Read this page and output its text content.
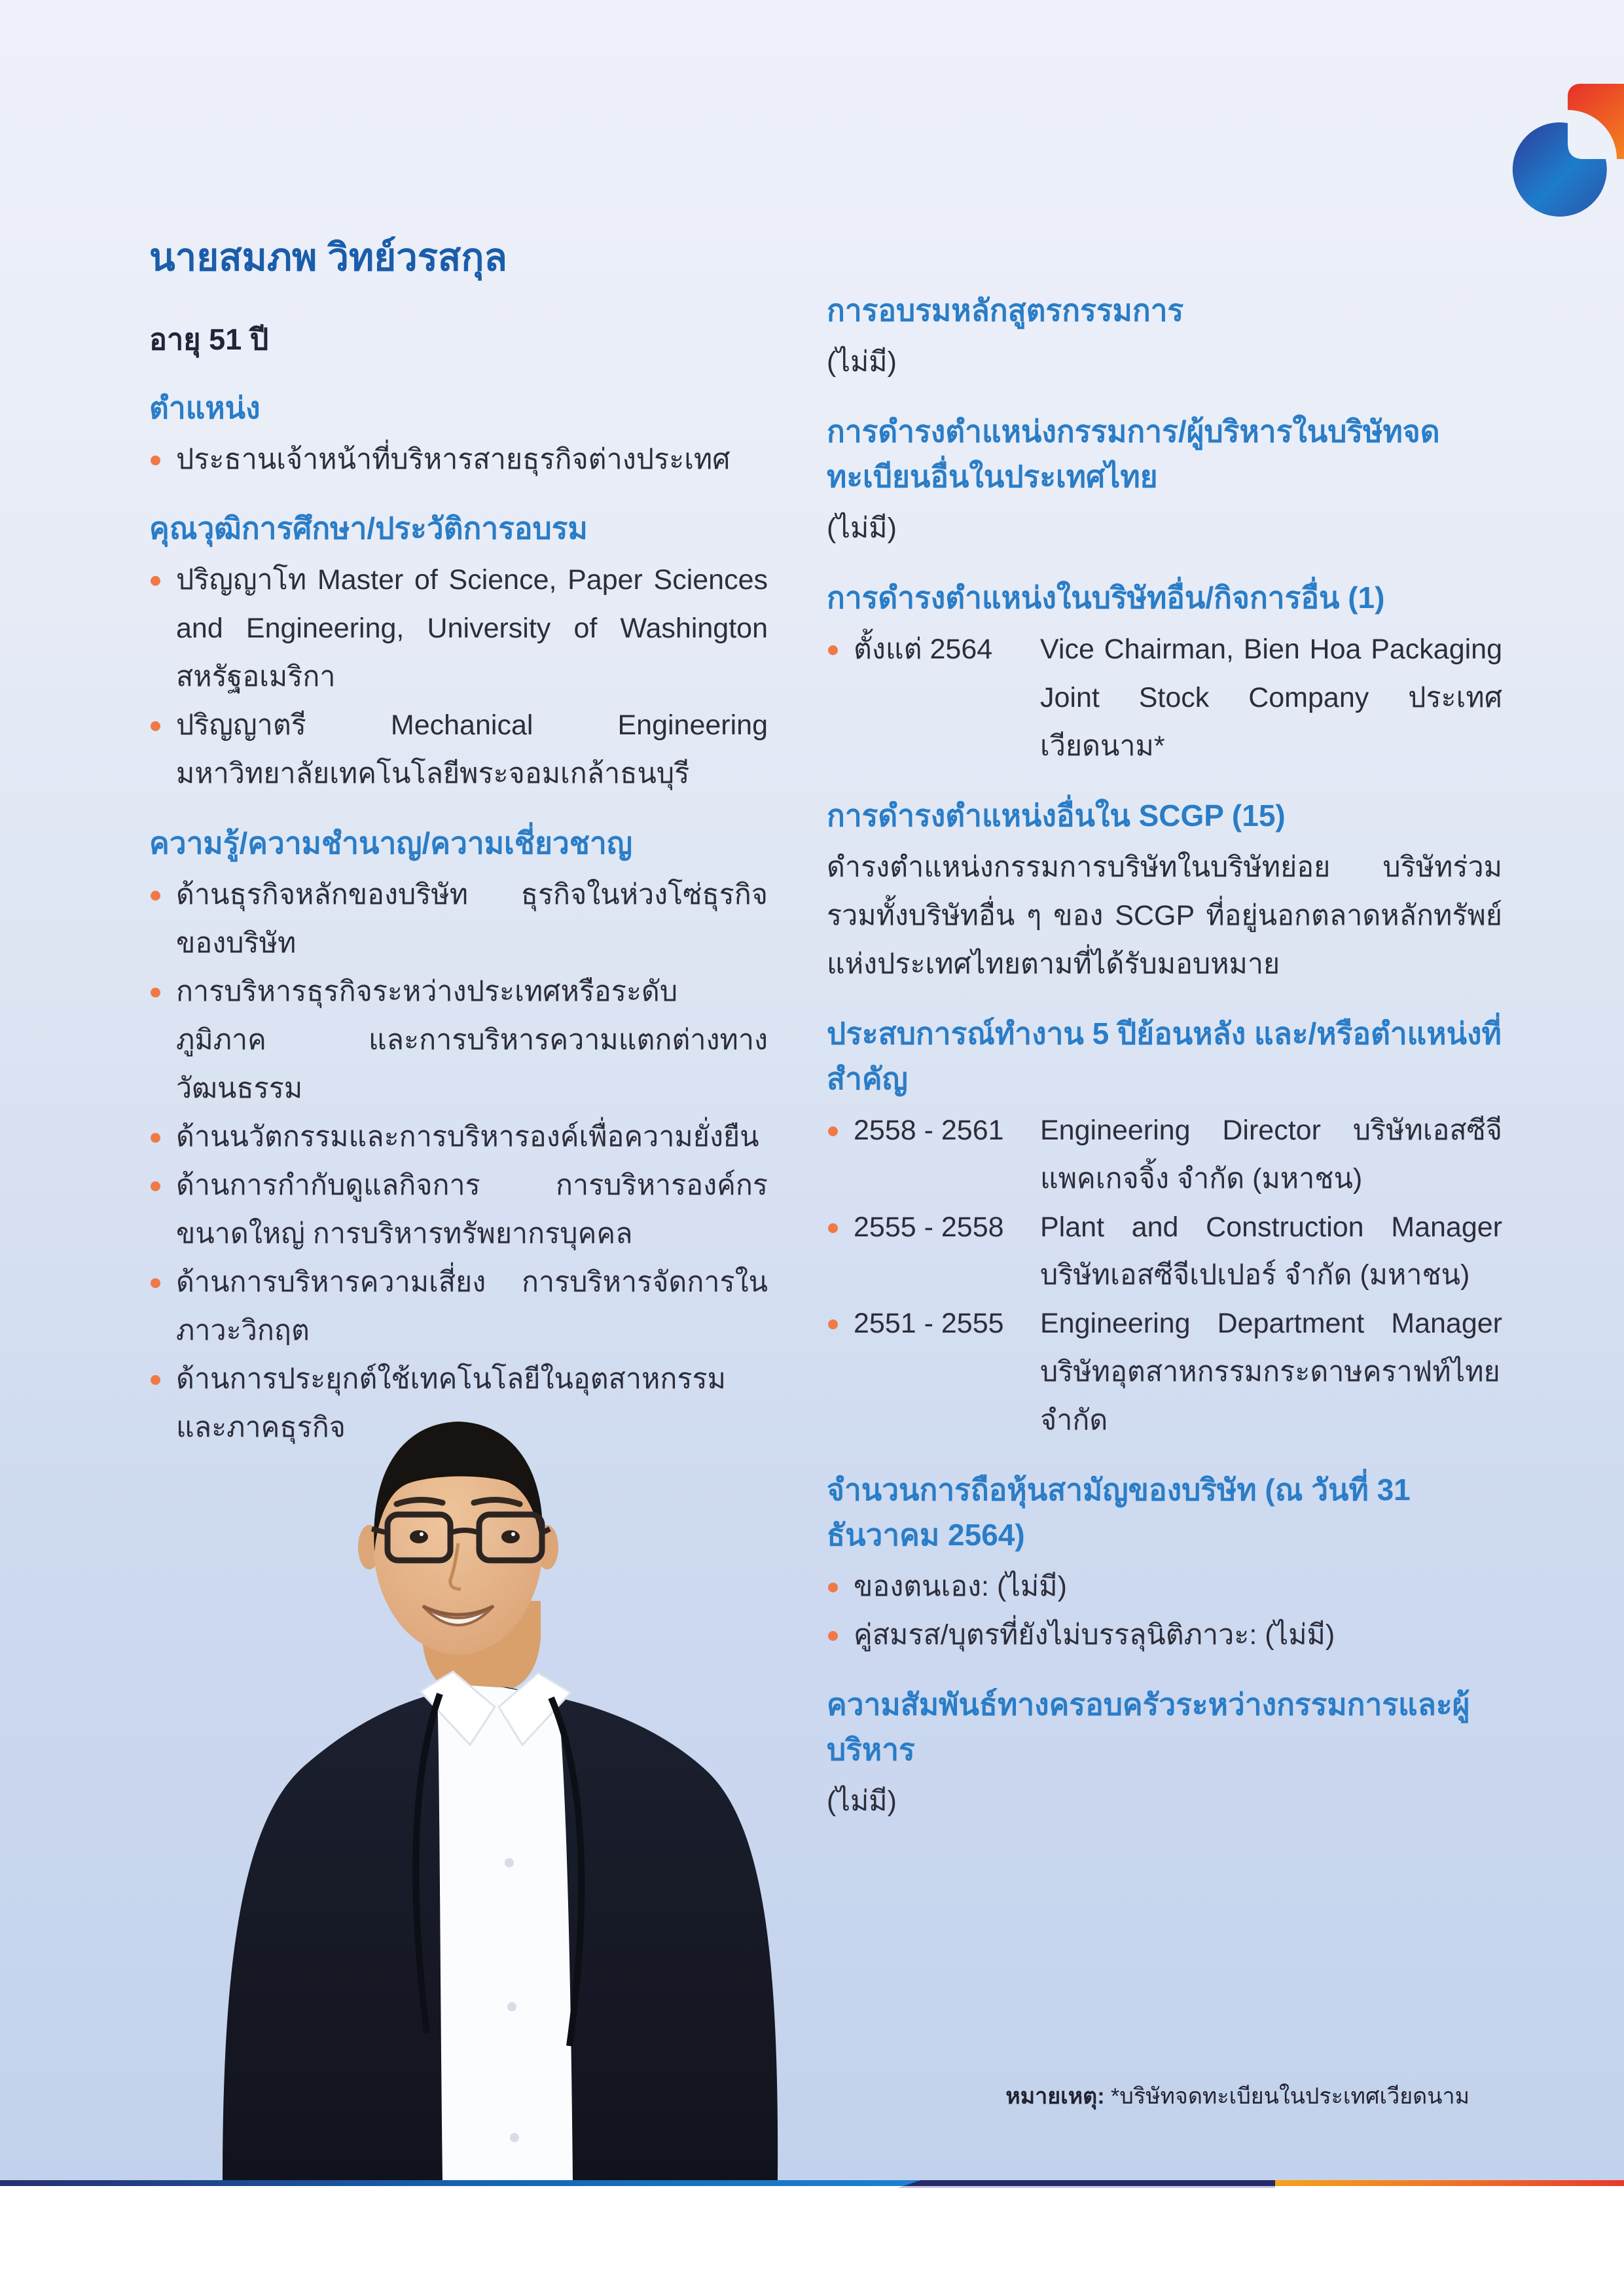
นายสมภพ วิทย์วรสกุล
อายุ 51 ปี
ตำแหน่ง
ประธานเจ้าหน้าที่บริหารสายธุรกิจต่างประเทศ
คุณวุฒิการศึกษา/ประวัติการอบรม
ปริญญาโท Master of Science, Paper Sciences and Engineering, University of Washington สหรัฐอเมริกา
ปริญญาตรี Mechanical Engineering มหาวิทยาลัยเทคโนโลยีพระจอมเกล้าธนบุรี
ความรู้/ความชำนาญ/ความเชี่ยวชาญ
ด้านธุรกิจหลักของบริษัท ธุรกิจในห่วงโซ่ธุรกิจของบริษัท
การบริหารธุรกิจระหว่างประเทศหรือระดับภูมิภาค และการบริหารความแตกต่างทางวัฒนธรรม
ด้านนวัตกรรมและการบริหารองค์เพื่อความยั่งยืน
ด้านการกำกับดูแลกิจการ การบริหารองค์กรขนาดใหญ่ การบริหารทรัพยากรบุคคล
ด้านการบริหารความเสี่ยง การบริหารจัดการในภาวะวิกฤต
ด้านการประยุกต์ใช้เทคโนโลยีในอุตสาหกรรมและภาคธุรกิจ
การอบรมหลักสูตรกรรมการ

(ไม่มี)

การดำรงตำแหน่งกรรมการ/ผู้บริหารในบริษัทจดทะเบียนอื่นในประเทศไทย

(ไม่มี)

การดำรงตำแหน่งในบริษัทอื่น/กิจการอื่น (1)
ตั้งแต่ 2564	Vice Chairman, Bien Hoa Packaging Joint Stock Company ประเทศเวียดนาม*
การดำรงตำแหน่งอื่นใน SCGP (15)

ดำรงตำแหน่งกรรมการบริษัทในบริษัทย่อย บริษัทร่วม รวมทั้งบริษัทอื่น ๆ ของ SCGP ที่อยู่นอกตลาดหลักทรัพย์แห่งประเทศไทยตามที่ได้รับมอบหมาย

ประสบการณ์ทำงาน 5 ปีย้อนหลัง และ/หรือตำแหน่งที่สำคัญ
2558 - 2561	Engineering Director บริษัทเอสซีจี แพคเกจจิ้ง จำกัด (มหาชน)
2555 - 2558	Plant and Construction Manager บริษัทเอสซีจีเปเปอร์ จำกัด (มหาชน)
2551 - 2555	Engineering Department Manager บริษัทอุตสาหกรรมกระดาษคราฟท์ไทย จำกัด
จำนวนการถือหุ้นสามัญของบริษัท (ณ วันที่ 31 ธันวาคม 2564)
ของตนเอง: (ไม่มี)
คู่สมรส/บุตรที่ยังไม่บรรลุนิติภาวะ: (ไม่มี)
ความสัมพันธ์ทางครอบครัวระหว่างกรรมการและผู้บริหาร

(ไม่มี)

หมายเหตุ: *บริษัทจดทะเบียนในประเทศเวียดนาม
